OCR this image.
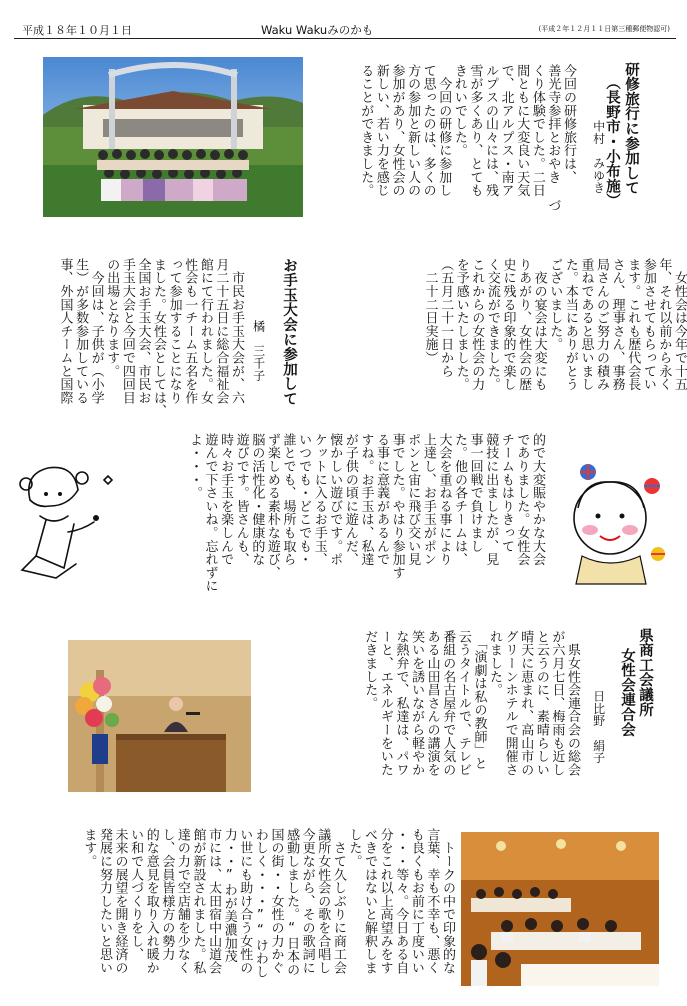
平成１８年１０月１日	Waku Wakuみのかも	(平成２年１２月１１日第三種郵便物認可)
研修旅行に参加して
（長野市・小布施）
中村　みゆき
今回の研修旅行は、
善光寺参拝とおやき づ
くり体験でした。二日
間ともに大変良い天気
で、北アルプス・南ア
ルプスの山々には、残
雪が多くあり、とても
きれいでした。
　今回の研修に参加し
て思ったのは、多くの
方の参加と新しい人の
参加があり、女性会の
新しい、若い力を感じ
ることができました。
　女性会は今年で十五
年、それ以前から永く
参加させてもらってい
ます。これも歴代会長
さん、理事さん、事務
局さんのご努力の積み
重ねであると思いまし
た。本当にありがとう
ございました。
　夜の宴会は大変にも
りあがり、女性会の歴
史に残る印象的で楽し
く交流ができました。
これからの女性会の力
を予感いたしました。
（五月二十一日から
　二十二日実施）
お手玉大会に参加して
橘　三千子
　市民お手玉大会が、六
月二十五日に総合福祉会
館にて行われました。女
性会も一チーム五名を作
って参加することになり
ました。女性会としては、
全国お手玉大会、市民お
手玉大会と今回で四回目
の出場となります。
　今回は、子供が（小学
生）が多数参加している
事、外国人チームと国際
的で大変賑やかな大会
でありました。女性会
チームもはりきって
競技に出ましたが、見
事一回戦で負けまし
た。他の各チームは、
大会を重ねる事により
上達し、お手玉がポン
ポンと宙に飛び交い見
事でした。やはり参加す
る事に意義があるんで
すね。お手玉は、私達
が子供の頃に遊んだ、
懐かしい遊びです。ポ
ケットに入るお手玉、
いつでも・どこでも・
誰とでも、場所も取ら
ず楽しめる素朴な遊び、
脳の活性化・健康的な
遊びです。皆さんも、
時々お手玉を楽しんで
遊んで下さいね。忘れずに
よ・・・。
県商工会議所
女性会連合会
日比野　絹子
　県女性会連合会の総会
が六月七日、梅雨も近し
と云うのに、素晴らしい
晴天に恵まれ、高山市の
グリーンホテルで開催さ
れました。
　「演劇は私の教師」と
云うタイトルで、テレビ
番組の名古屋弁で人気の
ある山田昌さんの講演を
笑いを誘いながら軽やか
な熱弁で、私達は、パワ
ーと、エネルギーをいた
だきました。
　トークの中で印象的な
言葉、幸も不幸も、悪く
も良くもお前に丁度いい
・・・等々。今日ある自
分をこれ以上高望みをす
べきではないと解釈しま
した。
　さて久しぶりに商工会
議所女性会の歌を合唱し
今更ながら、その歌詞に
感動しました。“日本の
国の街・・女性の力かぐ
わしく・・・”“けわし
い世にも助け合う女性の
力・・”わが美濃加茂
市には、太田宿中山道会
館が新設されました。私
達の力で空店舗を少なく
し、会員皆様方の勢力
的な意見を取り入れ暖か
い和で人づくりをし、
未来の展望を開き経済の
発展に努力したいと思い
ます。
